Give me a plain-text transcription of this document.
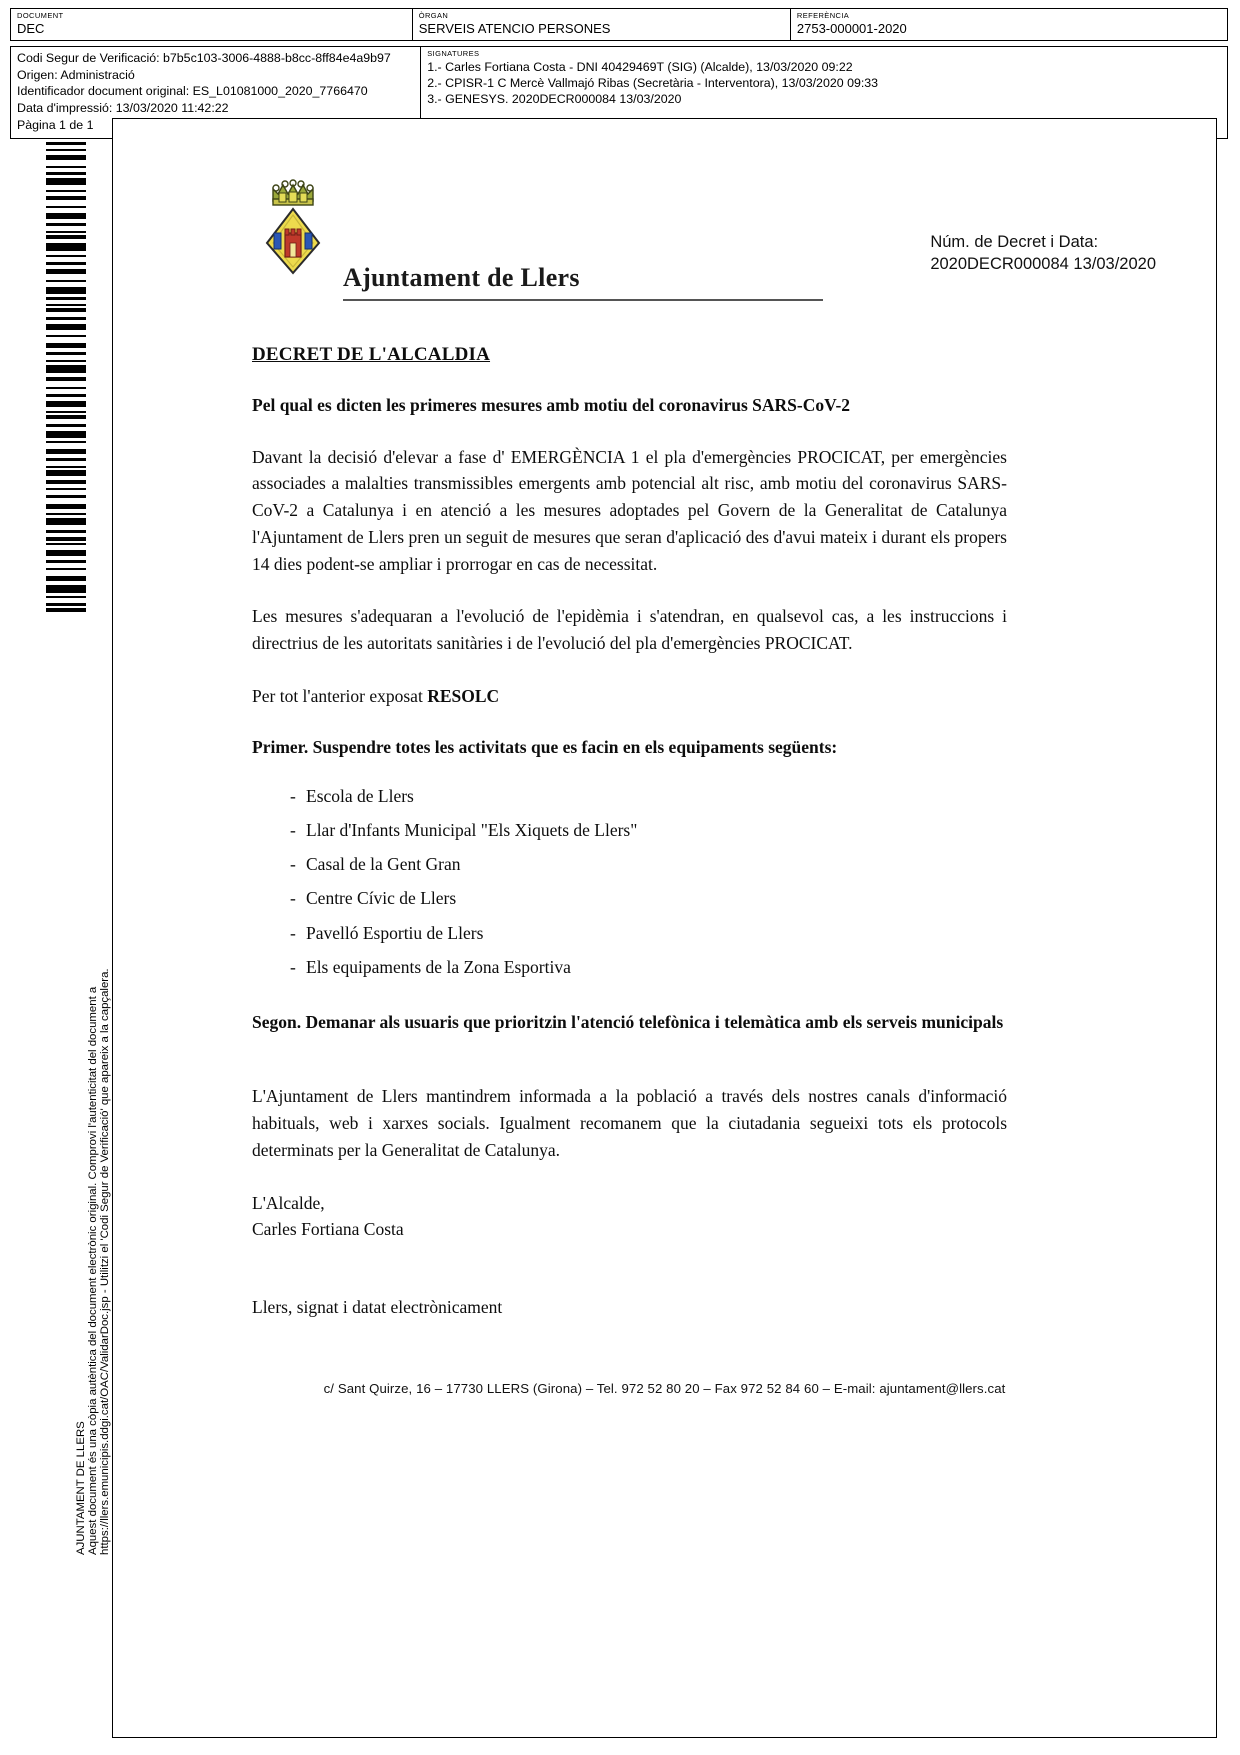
DOCUMENT
DEC

ÒRGAN
SERVEIS ATENCIO PERSONES

REFERÈNCIA
2753-000001-2020
Codi Segur de Verificació: b7b5c103-3006-4888-b8cc-8ff84e4a9b97
Origen: Administració
Identificador document original: ES_L01081000_2020_7766470
Data d'impressió: 13/03/2020 11:42:22
Pàgina 1 de 1

SIGNATURES
1.- Carles Fortiana Costa - DNI 40429469T (SIG) (Alcalde), 13/03/2020 09:22
2.- CPISR-1 C Mercè Vallmajó Ribas (Secretària - Interventora), 13/03/2020 09:33
3.- GENESYS. 2020DECR000084 13/03/2020
AJUNTAMENT DE LLERS Aquest document és una còpia autèntica del document electrònic original. Comprovi l'autenticitat del document a https://llers.emunicipis.ddgi.cat/OAC/ValidarDoc.jsp - Utilitzi el 'Codi Segur de Verificació' que apareix a la capçalera.
Ajuntament de Llers
Núm. de Decret i Data:
2020DECR000084 13/03/2020
DECRET DE L'ALCALDIA
Pel qual es dicten les primeres mesures amb motiu del coronavirus SARS-CoV-2

Davant la decisió d'elevar a fase d' EMERGÈNCIA 1 el pla d'emergències PROCICAT, per emergències associades a malalties transmissibles emergents amb potencial alt risc, amb motiu del coronavirus SARS-CoV-2 a Catalunya i en atenció a les mesures adoptades pel Govern de la Generalitat de Catalunya l'Ajuntament de Llers pren un seguit de mesures que seran d'aplicació des d'avui mateix i durant els propers 14 dies podent-se ampliar i prorrogar en cas de necessitat.

Les mesures s'adequaran a l'evolució de l'epidèmia i s'atendran, en qualsevol cas, a les instruccions i directrius de les autoritats sanitàries i de l'evolució del pla d'emergències PROCICAT.

Per tot l'anterior exposat RESOLC

Primer. Suspendre totes les activitats que es facin en els equipaments següents:
- Escola de Llers
- Llar d'Infants Municipal "Els Xiquets de Llers"
- Casal de la Gent Gran
- Centre Cívic de Llers
- Pavelló Esportiu de Llers
- Els equipaments de la Zona Esportiva
Segon. Demanar als usuaris que prioritzin l'atenció telefònica i telemàtica amb els serveis municipals

L'Ajuntament de Llers mantindrem informada a la població a través dels nostres canals d'informació habituals, web i xarxes socials. Igualment recomanem que la ciutadania segueixi tots els protocols determinats per la Generalitat de Catalunya.

L'Alcalde,
Carles Fortiana Costa

Llers, signat i datat electrònicament

c/ Sant Quirze, 16 – 17730 LLERS (Girona) – Tel. 972 52 80 20 – Fax 972 52 84 60 – E-mail: ajuntament@llers.cat
